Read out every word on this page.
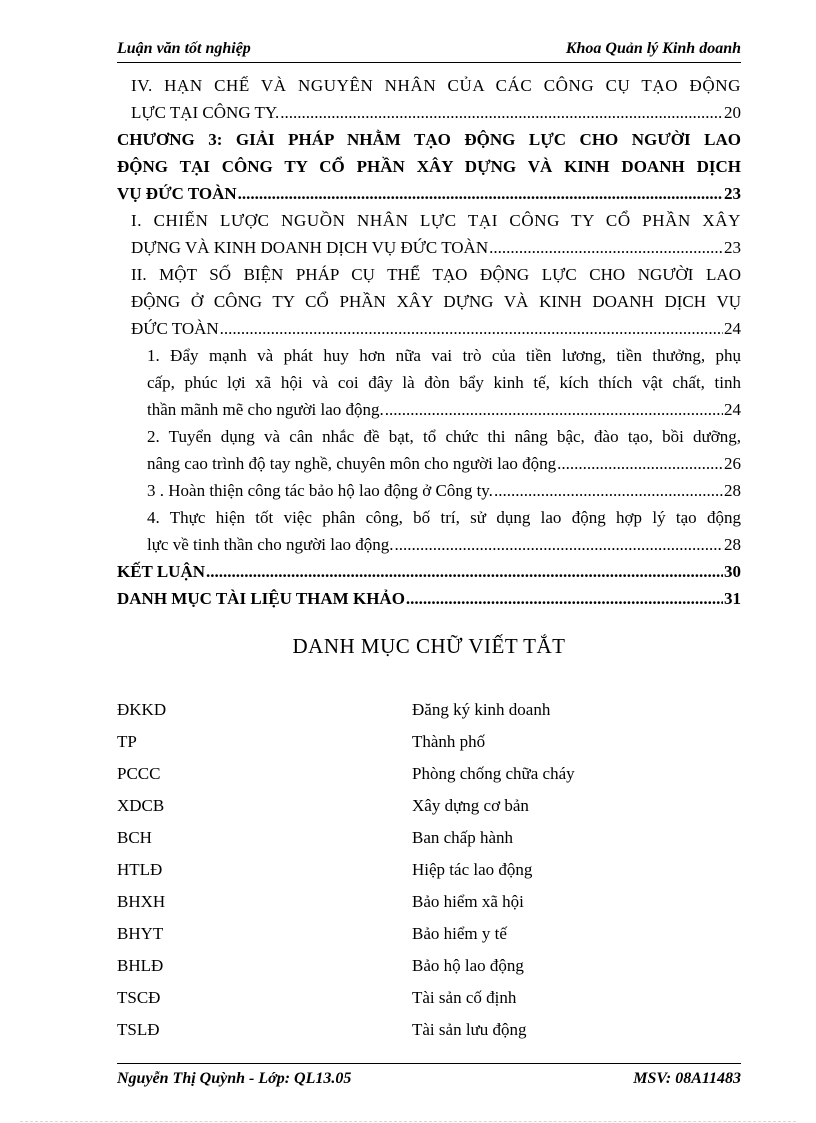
Luận văn tốt nghiệp	Khoa Quản lý Kinh doanh
IV. HẠN CHẾ VÀ NGUYÊN NHÂN CỦA CÁC CÔNG CỤ TẠO ĐỘNG
LỰC TẠI CÔNG TY. .....	20
CHƯƠNG 3: GIẢI PHÁP NHẰM TẠO ĐỘNG LỰC CHO NGƯỜI LAO
ĐỘNG TẠI CÔNG TY CỔ PHẦN XÂY DỰNG VÀ KINH DOANH DỊCH
VỤ ĐỨC TOÀN .....	23
I. CHIẾN LƯỢC NGUỒN NHÂN LỰC TẠI CÔNG TY CỔ PHẦN XÂY
DỰNG VÀ KINH DOANH DỊCH VỤ ĐỨC TOÀN .....	23
II. MỘT SỐ BIỆN PHÁP CỤ THỂ TẠO ĐỘNG LỰC CHO NGƯỜI LAO
ĐỘNG Ở CÔNG TY CỔ PHẦN XÂY DỰNG VÀ KINH DOANH DỊCH VỤ
ĐỨC TOÀN .....	24
1. Đẩy mạnh và phát huy hơn nữa vai trò của tiền lương, tiền thưởng, phụ
cấp, phúc lợi xã hội và coi đây là đòn bẩy kinh tế, kích thích vật chất, tinh
thần mãnh mẽ cho người lao động. .....	24
2. Tuyển dụng và cân nhắc đề bạt, tổ chức thi nâng bậc, đào tạo, bồi dưỡng,
nâng cao trình độ tay nghề, chuyên môn cho người lao động .....	26
3 . Hoàn thiện công tác bảo hộ lao động ở Công ty. .....	28
4. Thực hiện tốt việc phân công, bố trí, sử dụng lao động hợp lý tạo động
lực về tinh thần cho người lao động. .....	28
KẾT LUẬN .....	30
DANH MỤC TÀI LIỆU THAM KHẢO .....	31
DANH MỤC CHỮ VIẾT TẮT
ĐKKD	Đăng ký kinh doanh
TP	Thành phố
PCCC	Phòng chống chữa cháy
XDCB	Xây dựng cơ bản
BCH	Ban chấp hành
HTLĐ	Hiệp tác lao động
BHXH	Bảo hiểm xã hội
BHYT	Bảo hiểm y tế
BHLĐ	Bảo hộ lao động
TSCĐ	Tài sản cố định
TSLĐ	Tài sản lưu động
Nguyễn Thị Quỳnh - Lớp: QL13.05	MSV: 08A11483
